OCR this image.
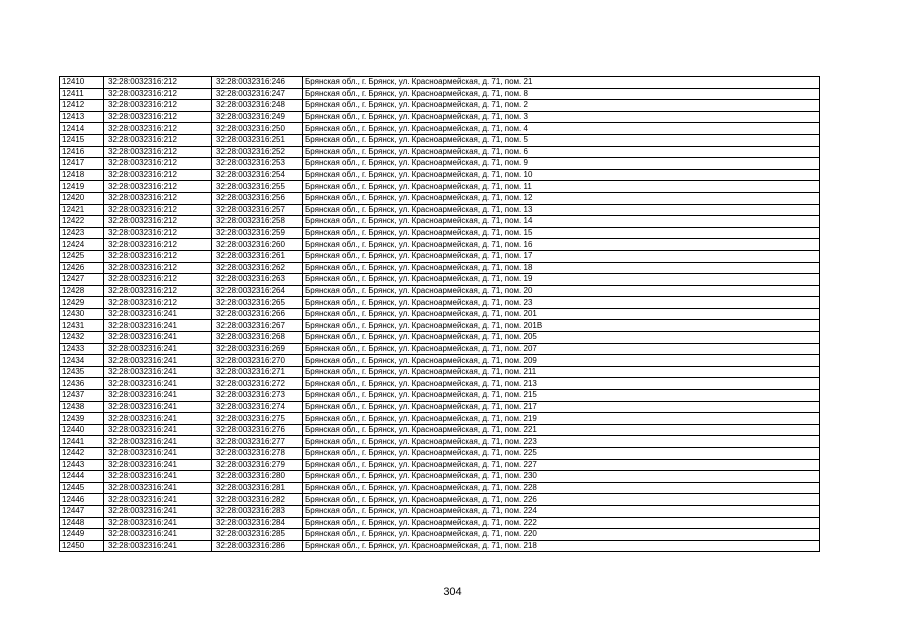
12410	32:28:0032316:212	32:28:0032316:246	Брянская обл., г. Брянск, ул. Красноармейская, д. 71, пом. 21
12411	32:28:0032316:212	32:28:0032316:247	Брянская обл., г. Брянск, ул. Красноармейская, д. 71, пом. 8
12412	32:28:0032316:212	32:28:0032316:248	Брянская обл., г. Брянск, ул. Красноармейская, д. 71, пом. 2
12413	32:28:0032316:212	32:28:0032316:249	Брянская обл., г. Брянск, ул. Красноармейская, д. 71, пом. 3
12414	32:28:0032316:212	32:28:0032316:250	Брянская обл., г. Брянск, ул. Красноармейская, д. 71, пом. 4
12415	32:28:0032316:212	32:28:0032316:251	Брянская обл., г. Брянск, ул. Красноармейская, д. 71, пом. 5
12416	32:28:0032316:212	32:28:0032316:252	Брянская обл., г. Брянск, ул. Красноармейская, д. 71, пом. 6
12417	32:28:0032316:212	32:28:0032316:253	Брянская обл., г. Брянск, ул. Красноармейская, д. 71, пом. 9
12418	32:28:0032316:212	32:28:0032316:254	Брянская обл., г. Брянск, ул. Красноармейская, д. 71, пом. 10
12419	32:28:0032316:212	32:28:0032316:255	Брянская обл., г. Брянск, ул. Красноармейская, д. 71, пом. 11
12420	32:28:0032316:212	32:28:0032316:256	Брянская обл., г. Брянск, ул. Красноармейская, д. 71, пом. 12
12421	32:28:0032316:212	32:28:0032316:257	Брянская обл., г. Брянск, ул. Красноармейская, д. 71, пом. 13
12422	32:28:0032316:212	32:28:0032316:258	Брянская обл., г. Брянск, ул. Красноармейская, д. 71, пом. 14
12423	32:28:0032316:212	32:28:0032316:259	Брянская обл., г. Брянск, ул. Красноармейская, д. 71, пом. 15
12424	32:28:0032316:212	32:28:0032316:260	Брянская обл., г. Брянск, ул. Красноармейская, д. 71, пом. 16
12425	32:28:0032316:212	32:28:0032316:261	Брянская обл., г. Брянск, ул. Красноармейская, д. 71, пом. 17
12426	32:28:0032316:212	32:28:0032316:262	Брянская обл., г. Брянск, ул. Красноармейская, д. 71, пом. 18
12427	32:28:0032316:212	32:28:0032316:263	Брянская обл., г. Брянск, ул. Красноармейская, д. 71, пом. 19
12428	32:28:0032316:212	32:28:0032316:264	Брянская обл., г. Брянск, ул. Красноармейская, д. 71, пом. 20
12429	32:28:0032316:212	32:28:0032316:265	Брянская обл., г. Брянск, ул. Красноармейская, д. 71, пом. 23
12430	32:28:0032316:241	32:28:0032316:266	Брянская обл., г. Брянск, ул. Красноармейская, д. 71, пом. 201
12431	32:28:0032316:241	32:28:0032316:267	Брянская обл., г. Брянск, ул. Красноармейская, д. 71, пом. 201В
12432	32:28:0032316:241	32:28:0032316:268	Брянская обл., г. Брянск, ул. Красноармейская, д. 71, пом. 205
12433	32:28:0032316:241	32:28:0032316:269	Брянская обл., г. Брянск, ул. Красноармейская, д. 71, пом. 207
12434	32:28:0032316:241	32:28:0032316:270	Брянская обл., г. Брянск, ул. Красноармейская, д. 71, пом. 209
12435	32:28:0032316:241	32:28:0032316:271	Брянская обл., г. Брянск, ул. Красноармейская, д. 71, пом. 211
12436	32:28:0032316:241	32:28:0032316:272	Брянская обл., г. Брянск, ул. Красноармейская, д. 71, пом. 213
12437	32:28:0032316:241	32:28:0032316:273	Брянская обл., г. Брянск, ул. Красноармейская, д. 71, пом. 215
12438	32:28:0032316:241	32:28:0032316:274	Брянская обл., г. Брянск, ул. Красноармейская, д. 71, пом. 217
12439	32:28:0032316:241	32:28:0032316:275	Брянская обл., г. Брянск, ул. Красноармейская, д. 71, пом. 219
12440	32:28:0032316:241	32:28:0032316:276	Брянская обл., г. Брянск, ул. Красноармейская, д. 71, пом. 221
12441	32:28:0032316:241	32:28:0032316:277	Брянская обл., г. Брянск, ул. Красноармейская, д. 71, пом. 223
12442	32:28:0032316:241	32:28:0032316:278	Брянская обл., г. Брянск, ул. Красноармейская, д. 71, пом. 225
12443	32:28:0032316:241	32:28:0032316:279	Брянская обл., г. Брянск, ул. Красноармейская, д. 71, пом. 227
12444	32:28:0032316:241	32:28:0032316:280	Брянская обл., г. Брянск, ул. Красноармейская, д. 71, пом. 230
12445	32:28:0032316:241	32:28:0032316:281	Брянская обл., г. Брянск, ул. Красноармейская, д. 71, пом. 228
12446	32:28:0032316:241	32:28:0032316:282	Брянская обл., г. Брянск, ул. Красноармейская, д. 71, пом. 226
12447	32:28:0032316:241	32:28:0032316:283	Брянская обл., г. Брянск, ул. Красноармейская, д. 71, пом. 224
12448	32:28:0032316:241	32:28:0032316:284	Брянская обл., г. Брянск, ул. Красноармейская, д. 71, пом. 222
12449	32:28:0032316:241	32:28:0032316:285	Брянская обл., г. Брянск, ул. Красноармейская, д. 71, пом. 220
12450	32:28:0032316:241	32:28:0032316:286	Брянская обл., г. Брянск, ул. Красноармейская, д. 71, пом. 218
304
